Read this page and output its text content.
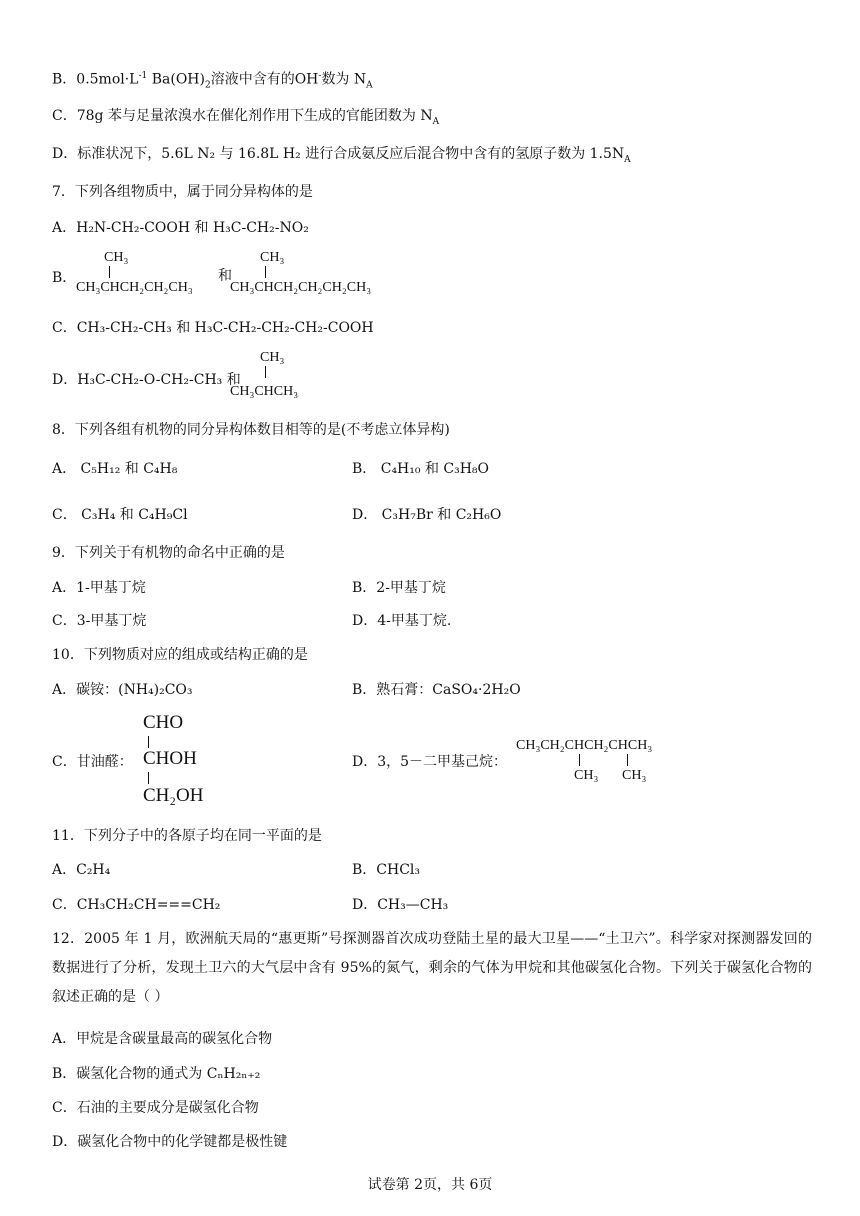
B．$0.5mol\cdot L^{-1}$ $Ba(OH)_2$溶液中含有的OH-数为 $N_A$
C．78g 苯与足量浓溴水在催化剂作用下生成的官能团数为 $N_A$
D．标准状况下，5.6L N₂ 与 16.8L H₂ 进行合成氨反应后混合物中含有的氢原子数为 $1.5N_A$
7．下列各组物质中，属于同分异构体的是
A．H₂N-CH₂-COOH 和 H₃C-CH₂-NO₂
B．
CH₃
CH₃CHCH₂CH₂CH₃
和
CH₃
CH₃CHCH₂CH₂CH₂CH₃
C．CH₃-CH₂-CH₃ 和 H₃C-CH₂-CH₂-CH₂-COOH
D．H₃C-CH₂-O-CH₂-CH₃ 和
CH₃
CH₃CHCH₃
8．下列各组有机物的同分异构体数目相等的是(不考虑立体异构)
A． C₅H₁₂ 和 C₄H₈	B． C₄H₁₀ 和 C₃H₈O
C． C₃H₄ 和 C₄H₉Cl	D． C₃H₇Br 和 C₂H₆O
9．下列关于有机物的命名中正确的是
A．1-甲基丁烷	B．2-甲基丁烷
C．3-甲基丁烷	D．4-甲基丁烷.
10．下列物质对应的组成或结构正确的是
A．碳铵：(NH₄)₂CO₃	B．熟石膏：CaSO₄·2H₂O
C．甘油醛：
CHO
CHOH
CH₂OH
D．3，5－二甲基己烷：
CH₃CH₂CHCH₂CHCH₃
CH₃ CH₃
11．下列分子中的各原子均在同一平面的是
A．C₂H₄	B．CHCl₃
C．CH₃CH₂CH===CH₂	D．CH₃—CH₃
12．2005 年 1 月，欧洲航天局的“惠更斯”号探测器首次成功登陆土星的最大卫星——“土卫六”。科学家对探测器发回的数据进行了分析，发现土卫六的大气层中含有 95%的氮气，剩余的气体为甲烷和其他碳氢化合物。下列关于碳氢化合物的叙述正确的是（ ）
A．甲烷是含碳量最高的碳氢化合物
B．碳氢化合物的通式为 CₙH₂ₙ₊₂
C．石油的主要成分是碳氢化合物
D．碳氢化合物中的化学键都是极性键
试卷第 2页，共 6页
